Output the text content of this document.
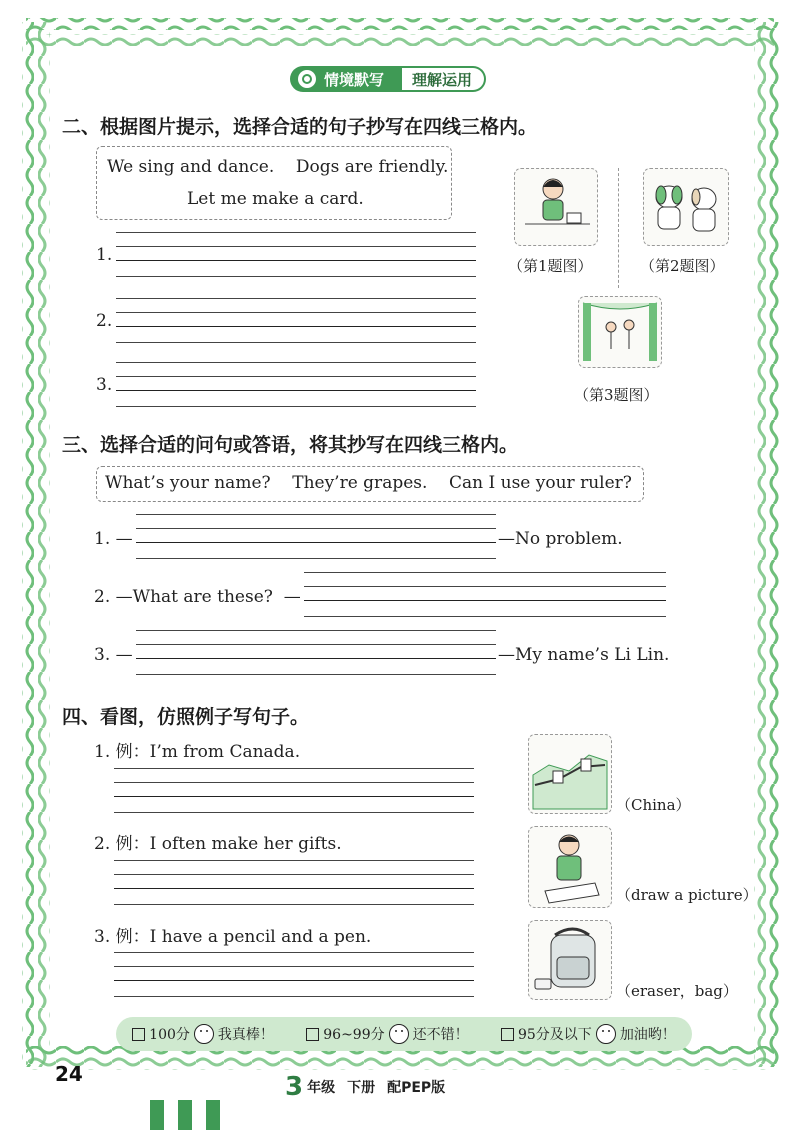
情境默写 理解运用
二、根据图片提示，选择合适的句子抄写在四线三格内。
We sing and dance.    Dogs are friendly.
Let me make a card.
1.
2.
3.
（第1题图）	（第2题图）
（第3题图）
三、选择合适的问句或答语，将其抄写在四线三格内。
What’s your name?    They’re grapes.    Can I use your ruler?
1. —	—No problem.
2. —What are these?  —
3. —	—My name’s Li Lin.
四、看图，仿照例子写句子。
1. 例：I’m from Canada.
（China）
2. 例：I often make her gifts.
（draw a picture）
3. 例：I have a pencil and a pen.
（eraser，bag）
100分 我真棒！	96~99分 还不错！	95分及以下 加油哟！
24	3 年级 下册 配PEP版
